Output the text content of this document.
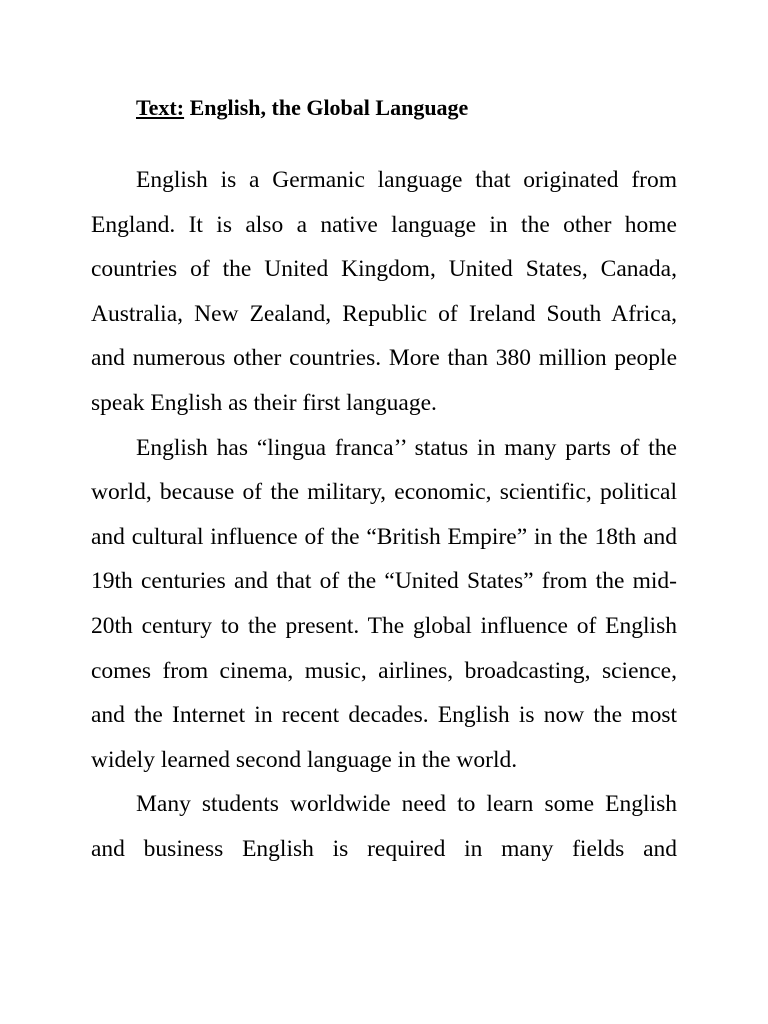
Text: English, the Global Language

English is a Germanic language that originated from England. It is also a native language in the other home countries of the United Kingdom, United States, Canada, Australia, New Zealand, Republic of Ireland South Africa, and numerous other countries. More than 380 million people speak English as their first language.

English has “lingua franca’’ status in many parts of the world, because of the military, economic, scientific, political and cultural influence of the “British Empire” in the 18th and 19th centuries and that of the “United States” from the mid-20th century to the present. The global influence of English comes from cinema, music, airlines, broadcasting, science, and the Internet in recent decades. English is now the most widely learned second language in the world.

Many students worldwide need to learn some English and business English is required in many fields and
